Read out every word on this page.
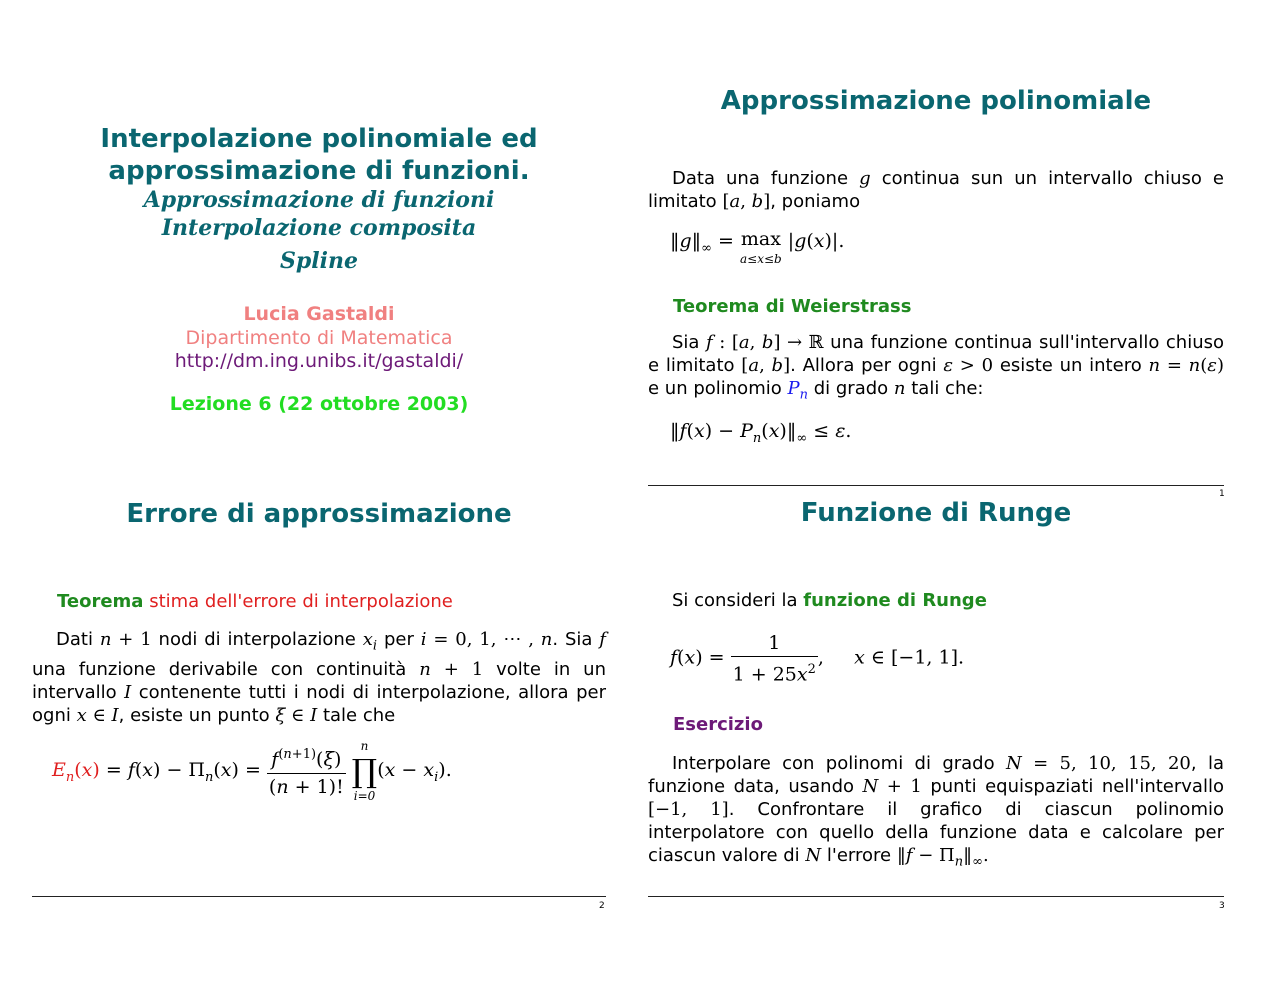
Interpolazione polinomiale ed
approssimazione di funzioni.
Approssimazione di funzioni
Interpolazione composita
Spline
Lucia Gastaldi
Dipartimento di Matematica
http://dm.ing.unibs.it/gastaldi/
Lezione 6 (22 ottobre 2003)
Approssimazione polinomiale
Data una funzione g continua sun un intervallo chiuso e limitato [a, b], poniamo
$‖g‖_\infty = \max$
a≤x≤b |g(x)|.
Teorema di Weierstrass
Sia f : [a, b] → ℝ una funzione continua sull'intervallo chiuso e limitato [a, b]. Allora per ogni ε > 0 esiste un intero n = n(ε) e un polinomio $P_n$ di grado n tali che:
‖f(x) − $P_n(x)‖_\infty \le \varepsilon$.
1
Errore di approssimazione
Teorema stima dell'errore di interpolazione
Dati n + 1 nodi di interpolazione $x_i$ per i = 0, 1, ⋯ , n. Sia f una funzione derivabile con continuità n + 1 volte in un intervallo I contenente tutti i nodi di interpolazione, allora per ogni x ∈ I, esiste un punto ξ ∈ I tale che
$E_n(x) = f(x) - \Pi_n(x) = \frac{f^{(n+1)}(\xi)}{(n + 1)!}$
	n
∏
i=0
$(x - x_i)$.
2
Funzione di Runge
Si consideri la funzione di Runge
$f(x) = \frac{1}{1 + 25x^2}$ ,     x ∈ [−1, 1].
Esercizio
Interpolare con polinomi di grado N = 5, 10, 15, 20, la funzione data, usando N + 1 punti equispaziati nell'intervallo [−1, 1]. Confrontare il grafico di ciascun polinomio interpolatore con quello della funzione data e calcolare per ciascun valore di N l'errore ‖f − $\Pi_n‖_\infty$.
3
